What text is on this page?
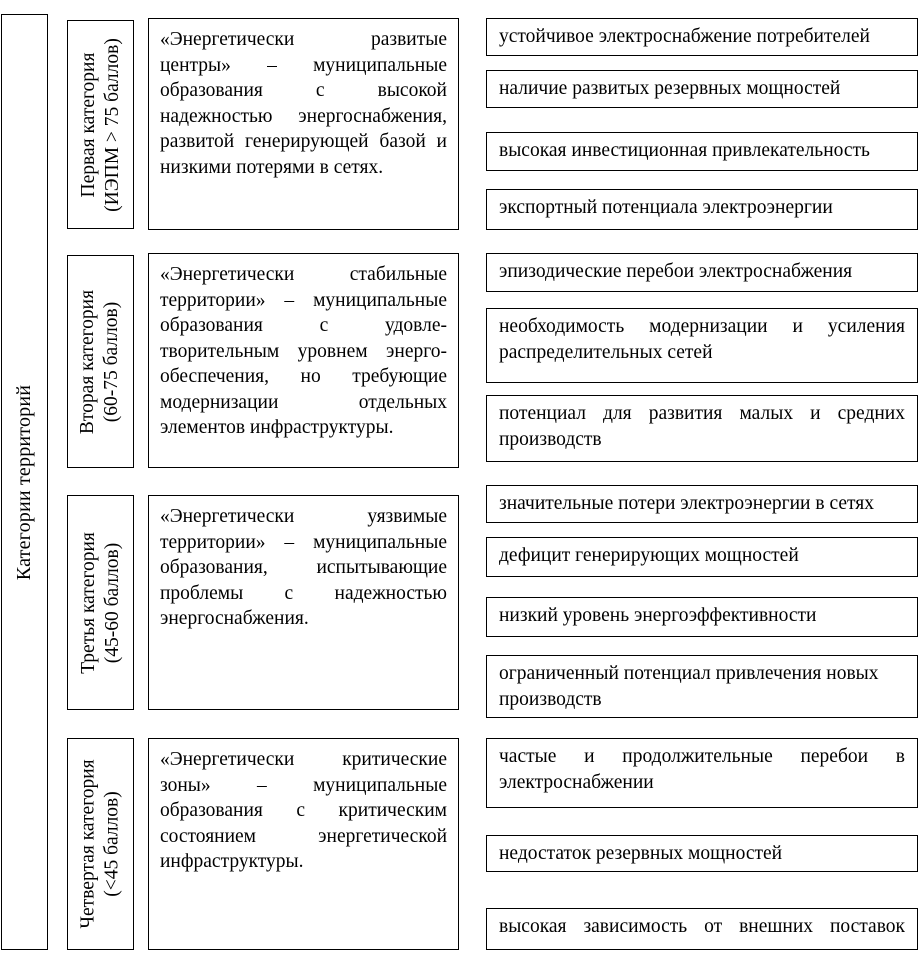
Категории территорий
Первая категория (ИЭПМ > 75 баллов) «Энергетически развитые центры» – муниципальные образования с высокой надежностью энергоснабжения, развитой генерирующей базой и низкими потерями в сетях.

устойчивое электроснабжение потребителей
наличие развитых резервных мощностей
высокая инвестиционная привлекательность
экспортный потенциала электроэнергии
Вторая категория (60-75 баллов)

«Энергетически стабильные территории» – муниципальные образования с удовле-творительным уровнем энерго-обеспечения, но требующие модернизации отдельных элементов инфраструктуры.

эпизодические перебои электроснабжения
необходимость модернизации и усиления распределительных сетей
потенциал для развития малых и средних производств
Третья категория (45-60 баллов)

«Энергетически уязвимые территории» – муниципальные образования, испытывающие проблемы с надежностью энергоснабжения.

значительные потери электроэнергии в сетях
дефицит генерирующих мощностей
низкий уровень энергоэффективности
ограниченный потенциал привлечения новых производств
Четвертая категория (<45 баллов)

«Энергетически критические зоны» – муниципальные образования с критическим состоянием энергетической инфраструктуры.

частые и продолжительные перебои в электроснабжении
недостаток резервных мощностей
высокая зависимость от внешних поставок
